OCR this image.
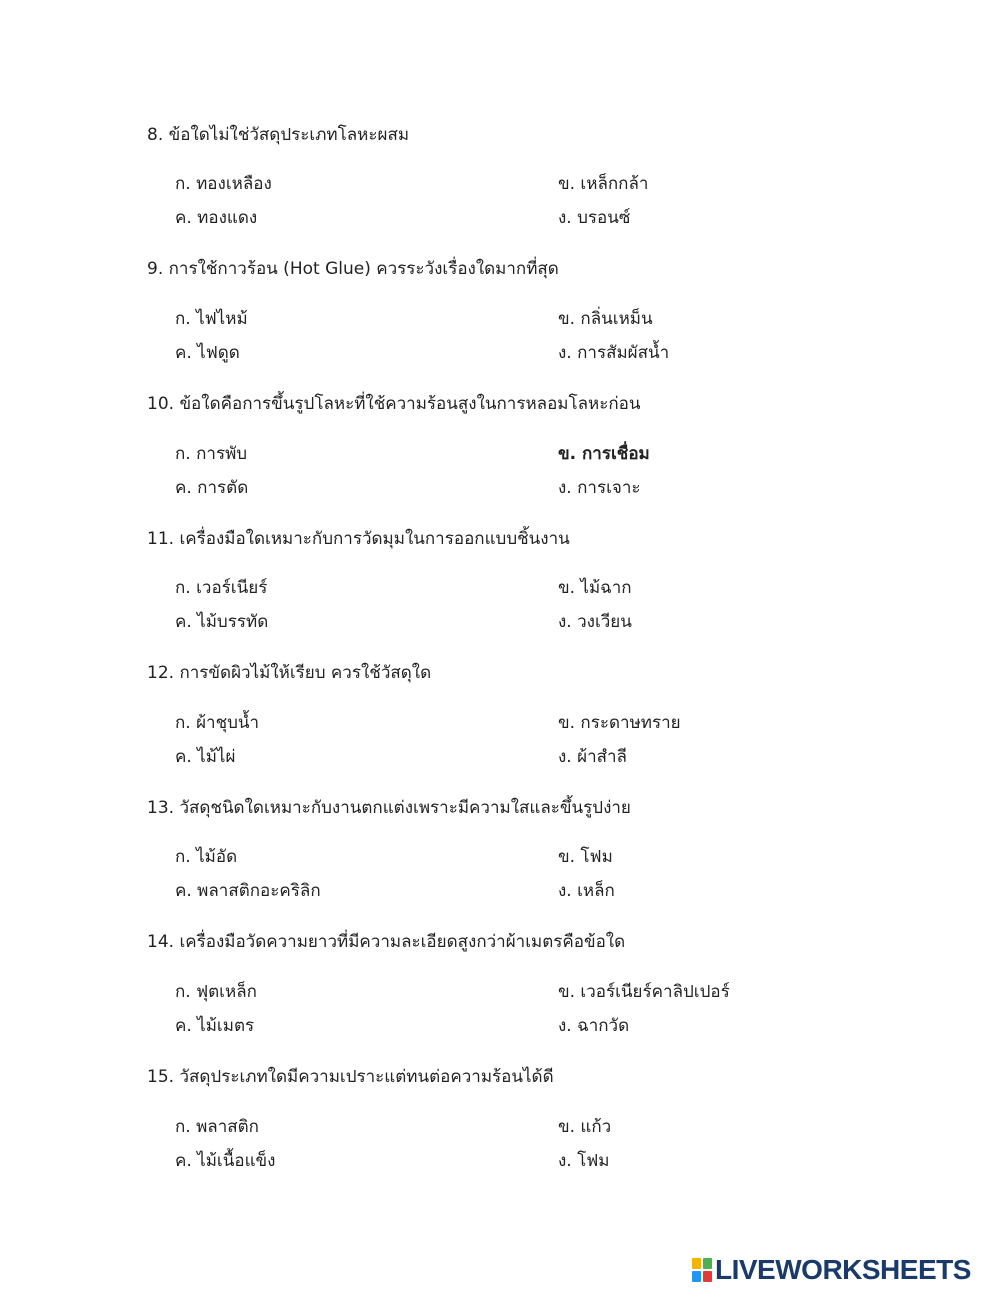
8. ข้อใดไม่ใช่วัสดุประเภทโลหะผสม
ก. ทองเหลือง	ข. เหล็กกล้า
ค. ทองแดง	ง. บรอนซ์
9. การใช้กาวร้อน (Hot Glue) ควรระวังเรื่องใดมากที่สุด
ก. ไฟไหม้	ข. กลิ่นเหม็น
ค. ไฟดูด	ง. การสัมผัสน้ำ
10. ข้อใดคือการขึ้นรูปโลหะที่ใช้ความร้อนสูงในการหลอมโลหะก่อน
ก. การพับ	ข. การเชื่อม
ค. การตัด	ง. การเจาะ
11. เครื่องมือใดเหมาะกับการวัดมุมในการออกแบบชิ้นงาน
ก. เวอร์เนียร์	ข. ไม้ฉาก
ค. ไม้บรรทัด	ง. วงเวียน
12. การขัดผิวไม้ให้เรียบ ควรใช้วัสดุใด
ก. ผ้าชุบน้ำ	ข. กระดาษทราย
ค. ไม้ไผ่	ง. ผ้าสำลี
13. วัสดุชนิดใดเหมาะกับงานตกแต่งเพราะมีความใสและขึ้นรูปง่าย
ก. ไม้อัด	ข. โฟม
ค. พลาสติกอะคริลิก	ง. เหล็ก
14. เครื่องมือวัดความยาวที่มีความละเอียดสูงกว่าผ้าเมตรคือข้อใด
ก. ฟุตเหล็ก	ข. เวอร์เนียร์คาลิปเปอร์
ค. ไม้เมตร	ง. ฉากวัด
15. วัสดุประเภทใดมีความเปราะแต่ทนต่อความร้อนได้ดี
ก. พลาสติก	ข. แก้ว
ค. ไม้เนื้อแข็ง	ง. โฟม
LIVEWORKSHEETS
